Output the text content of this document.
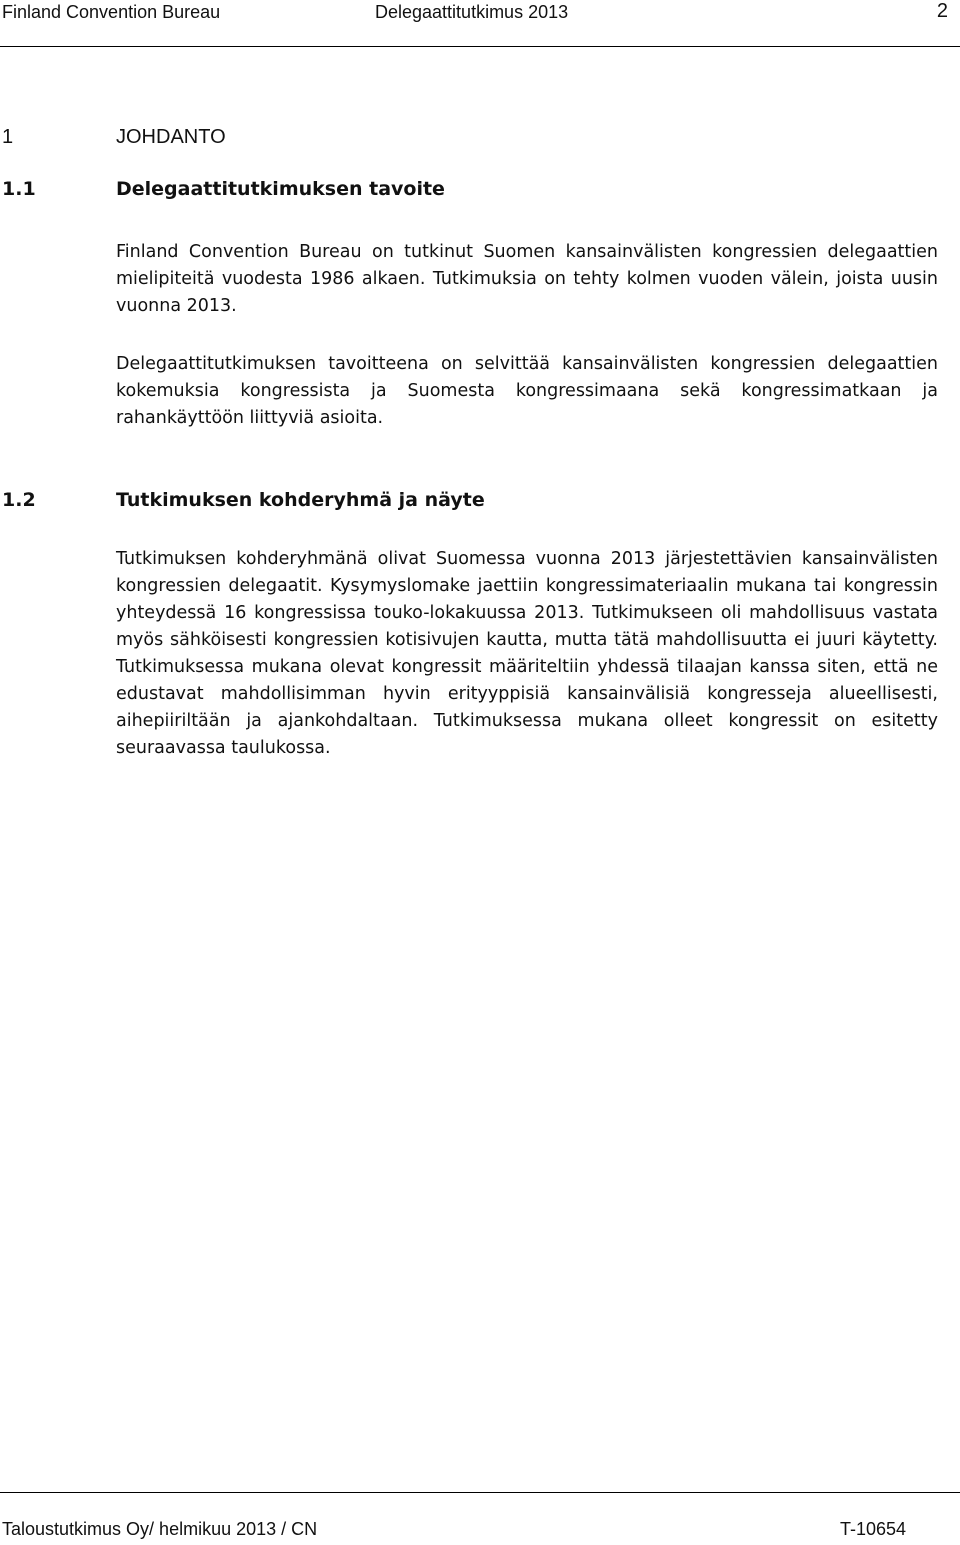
Finland Convention Bureau	Delegaattitutkimus 2013	2
1	JOHDANTO
1.1	Delegaattitutkimuksen tavoite

Finland Convention Bureau on tutkinut Suomen kansainvälisten kongressien delegaattien mielipiteitä vuodesta 1986 alkaen. Tutkimuksia on tehty kolmen vuoden välein, joista uusin vuonna 2013.

Delegaattitutkimuksen tavoitteena on selvittää kansainvälisten kongressien delegaattien kokemuksia kongressista ja Suomesta kongressimaana sekä kongressimatkaan ja rahankäyttöön liittyviä asioita.

1.2	Tutkimuksen kohderyhmä ja näyte

Tutkimuksen kohderyhmänä olivat Suomessa vuonna 2013 järjestettävien kansainvälisten kongressien delegaatit. Kysymyslomake jaettiin kongressimateriaalin mukana tai kongressin yhteydessä 16 kongressissa touko-lokakuussa 2013. Tutkimukseen oli mahdollisuus vastata myös sähköisesti kongressien kotisivujen kautta, mutta tätä mahdollisuutta ei juuri käytetty. Tutkimuksessa mukana olevat kongressit määriteltiin yhdessä tilaajan kanssa siten, että ne edustavat mahdollisimman hyvin erityyppisiä kansainvälisiä kongresseja alueellisesti, aihepiiriltään ja ajankohdaltaan. Tutkimuksessa mukana olleet kongressit on esitetty seuraavassa taulukossa.

Taloustutkimus Oy/ helmikuu 2013 / CN	T-10654
